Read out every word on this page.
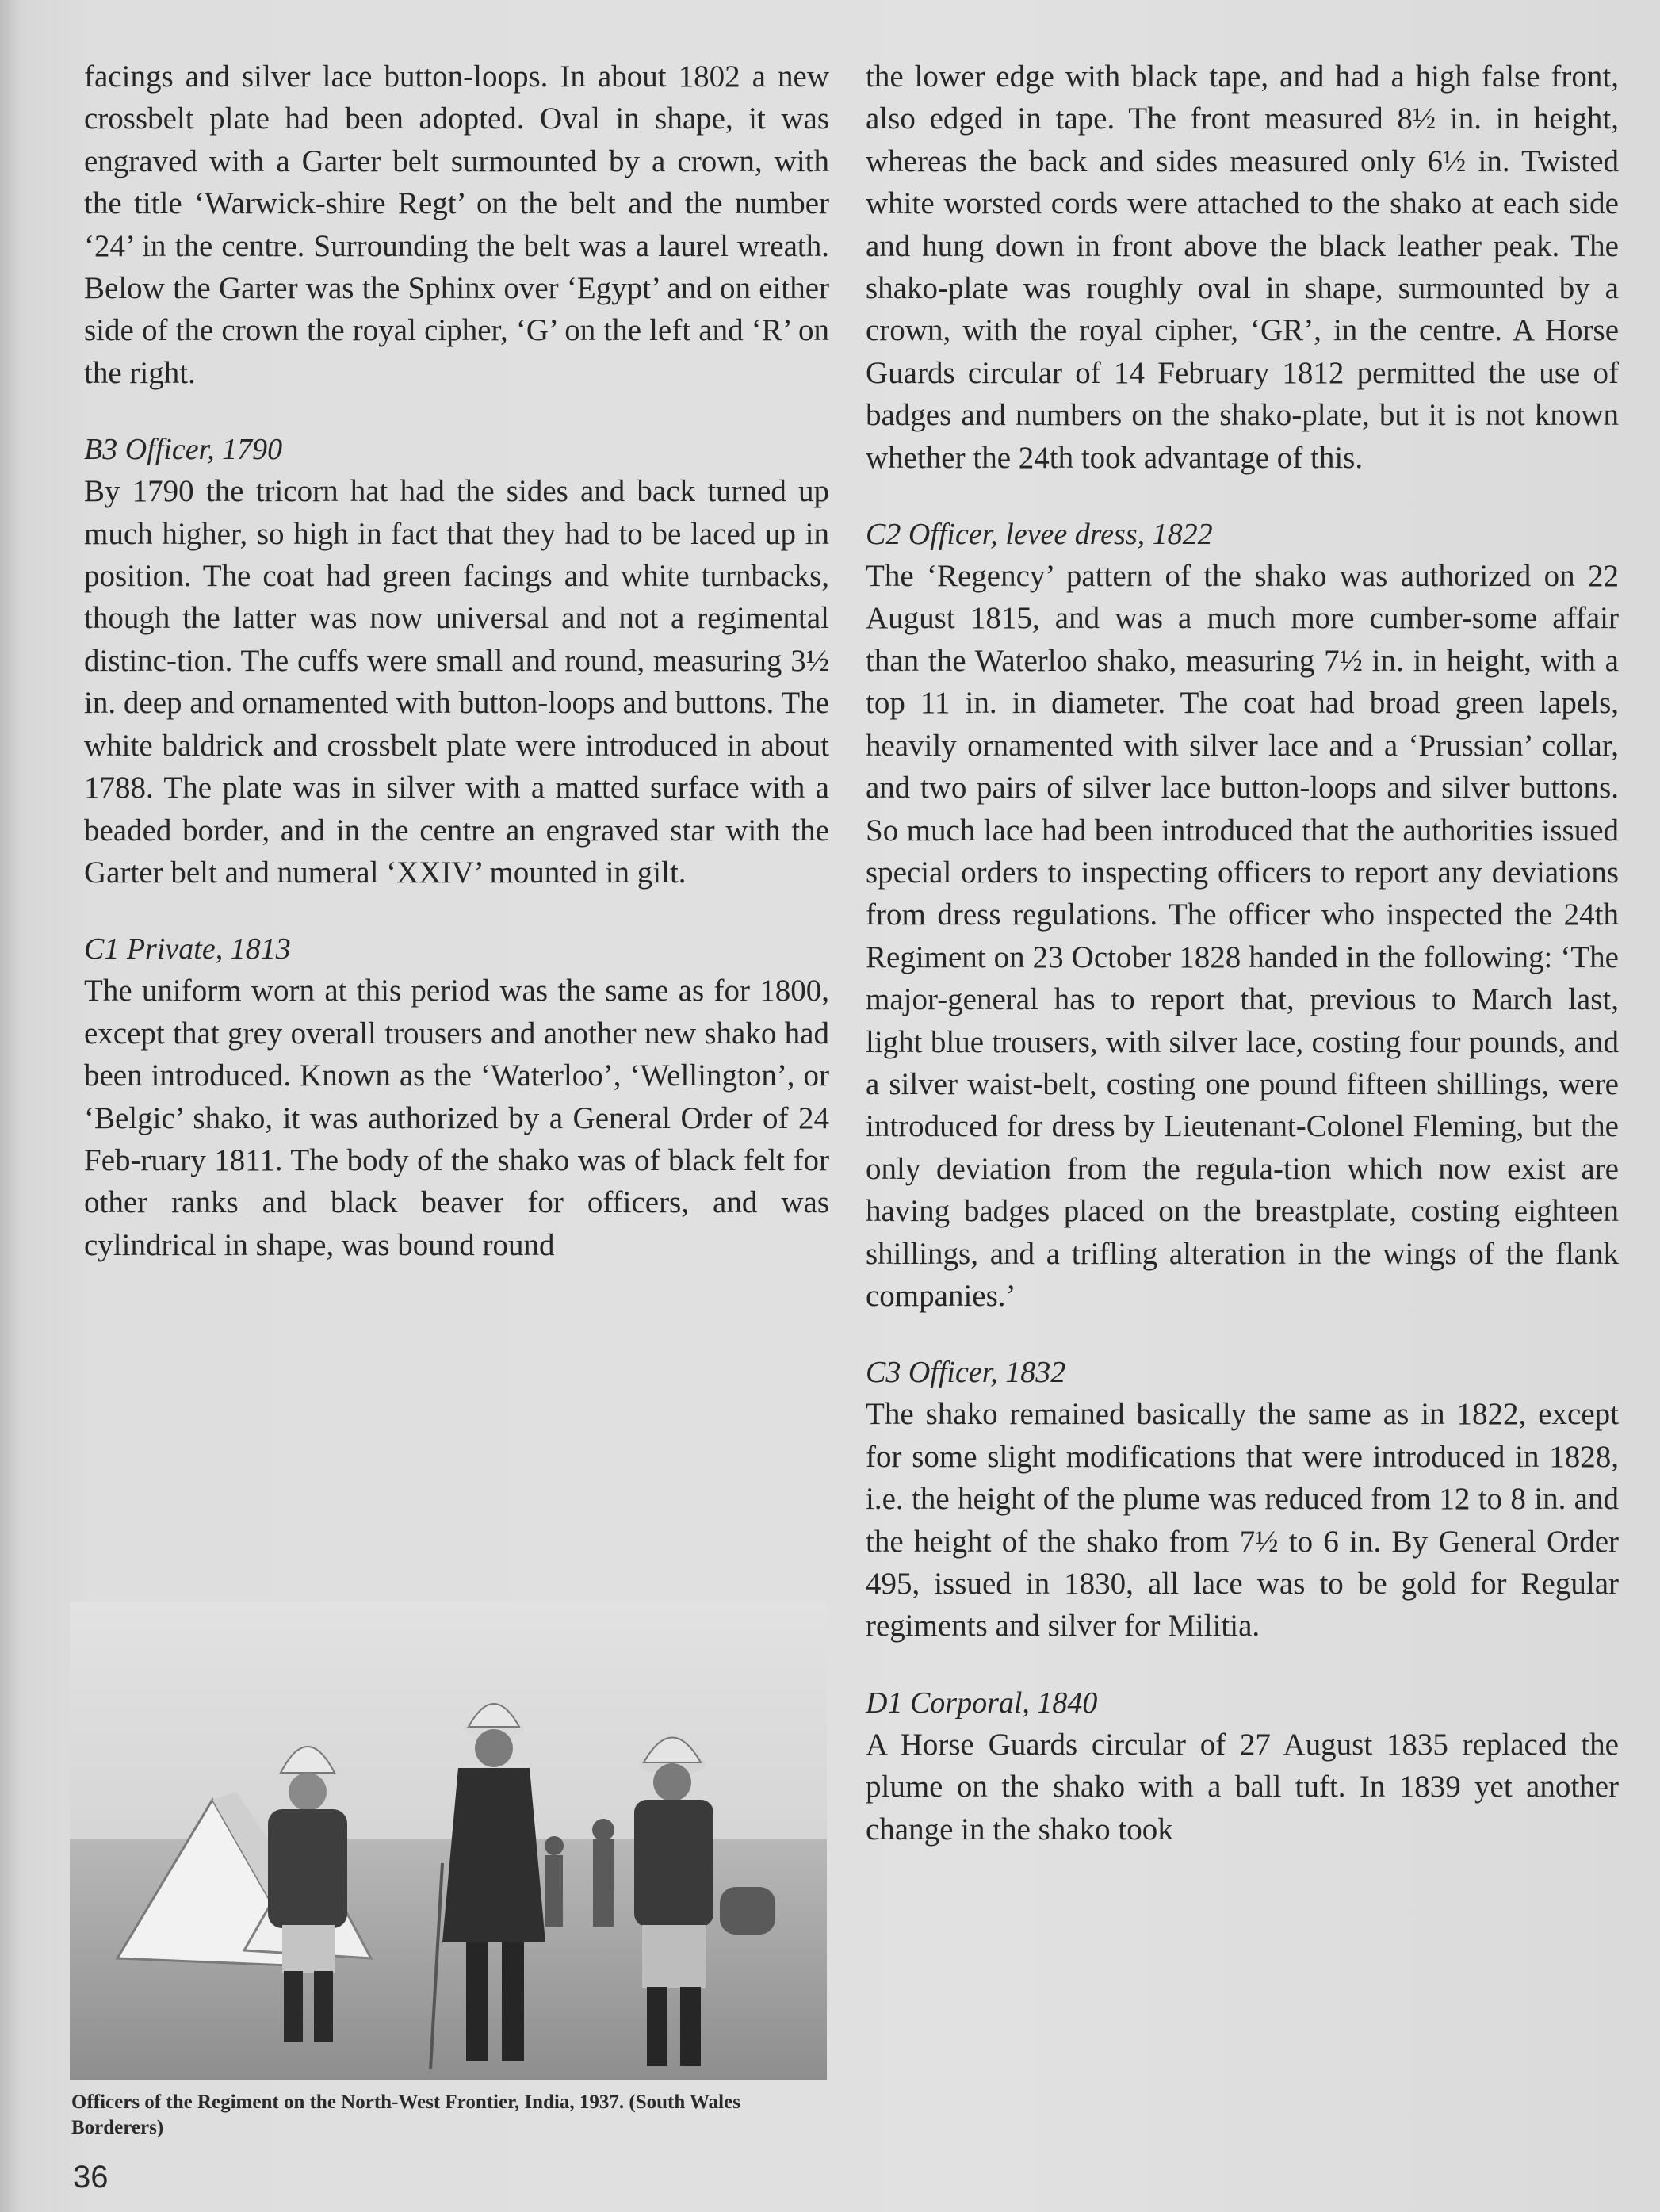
facings and silver lace button-loops. In about 1802 a new crossbelt plate had been adopted. Oval in shape, it was engraved with a Garter belt surmounted by a crown, with the title ‘Warwick-shire Regt’ on the belt and the number ‘24’ in the centre. Surrounding the belt was a laurel wreath. Below the Garter was the Sphinx over ‘Egypt’ and on either side of the crown the royal cipher, ‘G’ on the left and ‘R’ on the right.

B3 Officer, 1790

By 1790 the tricorn hat had the sides and back turned up much higher, so high in fact that they had to be laced up in position. The coat had green facings and white turnbacks, though the latter was now universal and not a regimental distinc-tion. The cuffs were small and round, measuring 3½ in. deep and ornamented with button-loops and buttons. The white baldrick and crossbelt plate were introduced in about 1788. The plate was in silver with a matted surface with a beaded border, and in the centre an engraved star with the Garter belt and numeral ‘XXIV’ mounted in gilt.

C1 Private, 1813

The uniform worn at this period was the same as for 1800, except that grey overall trousers and another new shako had been introduced. Known as the ‘Waterloo’, ‘Wellington’, or ‘Belgic’ shako, it was authorized by a General Order of 24 Feb-ruary 1811. The body of the shako was of black felt for other ranks and black beaver for officers, and was cylindrical in shape, was bound round

the lower edge with black tape, and had a high false front, also edged in tape. The front measured 8½ in. in height, whereas the back and sides measured only 6½ in. Twisted white worsted cords were attached to the shako at each side and hung down in front above the black leather peak. The shako-plate was roughly oval in shape, surmounted by a crown, with the royal cipher, ‘GR’, in the centre. A Horse Guards circular of 14 February 1812 permitted the use of badges and numbers on the shako-plate, but it is not known whether the 24th took advantage of this.

C2 Officer, levee dress, 1822

The ‘Regency’ pattern of the shako was authorized on 22 August 1815, and was a much more cumber-some affair than the Waterloo shako, measuring 7½ in. in height, with a top 11 in. in diameter. The coat had broad green lapels, heavily ornamented with silver lace and a ‘Prussian’ collar, and two pairs of silver lace button-loops and silver buttons. So much lace had been introduced that the authorities issued special orders to inspecting officers to report any deviations from dress regulations. The officer who inspected the 24th Regiment on 23 October 1828 handed in the following: ‘The major-general has to report that, previous to March last, light blue trousers, with silver lace, costing four pounds, and a silver waist-belt, costing one pound fifteen shillings, were introduced for dress by Lieutenant-Colonel Fleming, but the only deviation from the regula-tion which now exist are having badges placed on the breastplate, costing eighteen shillings, and a trifling alteration in the wings of the flank companies.’

C3 Officer, 1832

The shako remained basically the same as in 1822, except for some slight modifications that were introduced in 1828, i.e. the height of the plume was reduced from 12 to 8 in. and the height of the shako from 7½ to 6 in. By General Order 495, issued in 1830, all lace was to be gold for Regular regiments and silver for Militia.

D1 Corporal, 1840

A Horse Guards circular of 27 August 1835 replaced the plume on the shako with a ball tuft. In 1839 yet another change in the shako took

Officers of the Regiment on the North-West Frontier, India, 1937. (South Wales Borderers)
36
